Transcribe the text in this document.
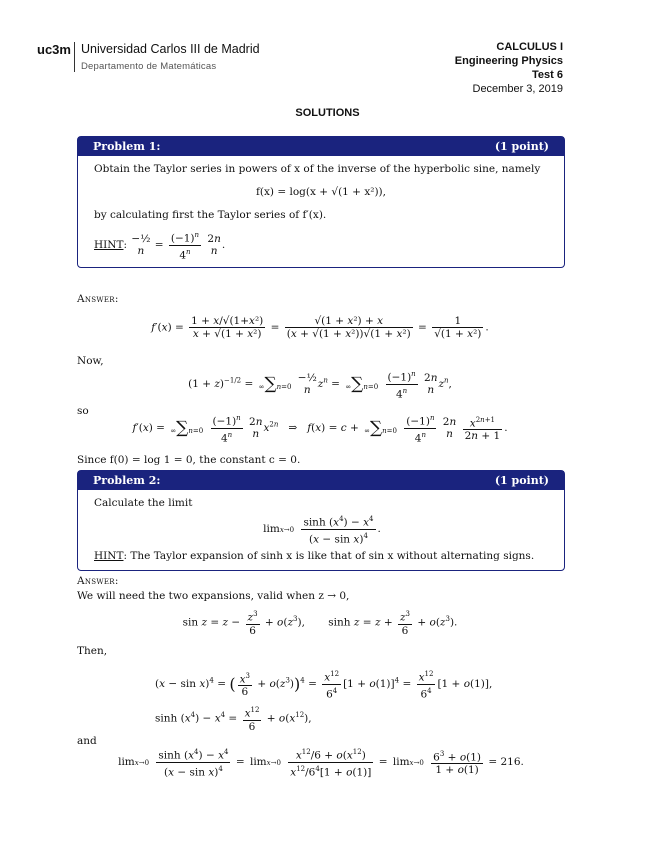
uc3m Universidad Carlos III de Madrid
Departamento de Matemáticas
CALCULUS I
Engineering Physics
Test 6
December 3, 2019
SOLUTIONS
Problem 1:	(1 point)
Obtain the Taylor series in powers of x of the inverse of the hyperbolic sine, namely
f(x) = log(x + √(1 + x²)),
by calculating first the Taylor series of f′(x).
HINT: −½
$n = \frac{(-1)^n}{4^n}$
2n
n .
Answer:
$f'(x) = \frac{\text{1 + x/√(1+x²)}}{\text{x + √(1 + x²)}} = \frac{\text{√(1 + x²) + x}}{\text{(x + √(1 + x²))√(1 + x²)}} = \frac{1}{\text{√(1 + x²)}}$ .
Now,
$(1 + z)^{-1/2} = \infty\sum n=0$
−½
n $z^n = \infty\sum n=0 \frac{(-1)^n}{4^n}$
2n
n $z^n$,
so
$f'(x) = \infty\sum n=0 \frac{(-1)^n}{4^n}$
2n
n $x^{2n}$   ⇒   $f(x) = c + \infty\sum n=0 \frac{(-1)^n}{4^n}$
2n
n
$\frac{x^{2n+1}}{2n + 1}$ .
Since f(0) = log 1 = 0, the constant c = 0.
Problem 2:	(1 point)
Calculate the limit
$\lim x\to 0 \frac{\sinh (x^4) - x^4}{(x - \sin x)^4}$ .
HINT: The Taylor expansion of sinh x is like that of sin x without alternating signs.
Answer:
We will need the two expansions, valid when z → 0,
$\sin z = z - \frac{z^3}{6} + o(z^3)$,       $\sinh z = z + \frac{z^3}{6} + o(z^3)$.
Then,
$(x - \sin x)^4$ = ( $\frac{x^3}{6} + o(z^3))^4 = \frac{x^{12}}{6^4} [1 + o(1)]^4 = \frac{x^{12}}{6^4} [1 + o(1)]$,
$\sinh (x^4) - x^4 = \frac{x^{12}}{6} + o(x^{12})$,
and
$\lim x\to 0 \frac{\sinh (x^4) - x^4}{(x - \sin x)^4} = \lim x\to 0 \frac{x^{12}/6 + o(x^{12})}{x^{12}/6^4[1 + o(1)]} = \lim x\to 0 \frac{6^3 + o(1)}{1 + o(1)} = 216$.
